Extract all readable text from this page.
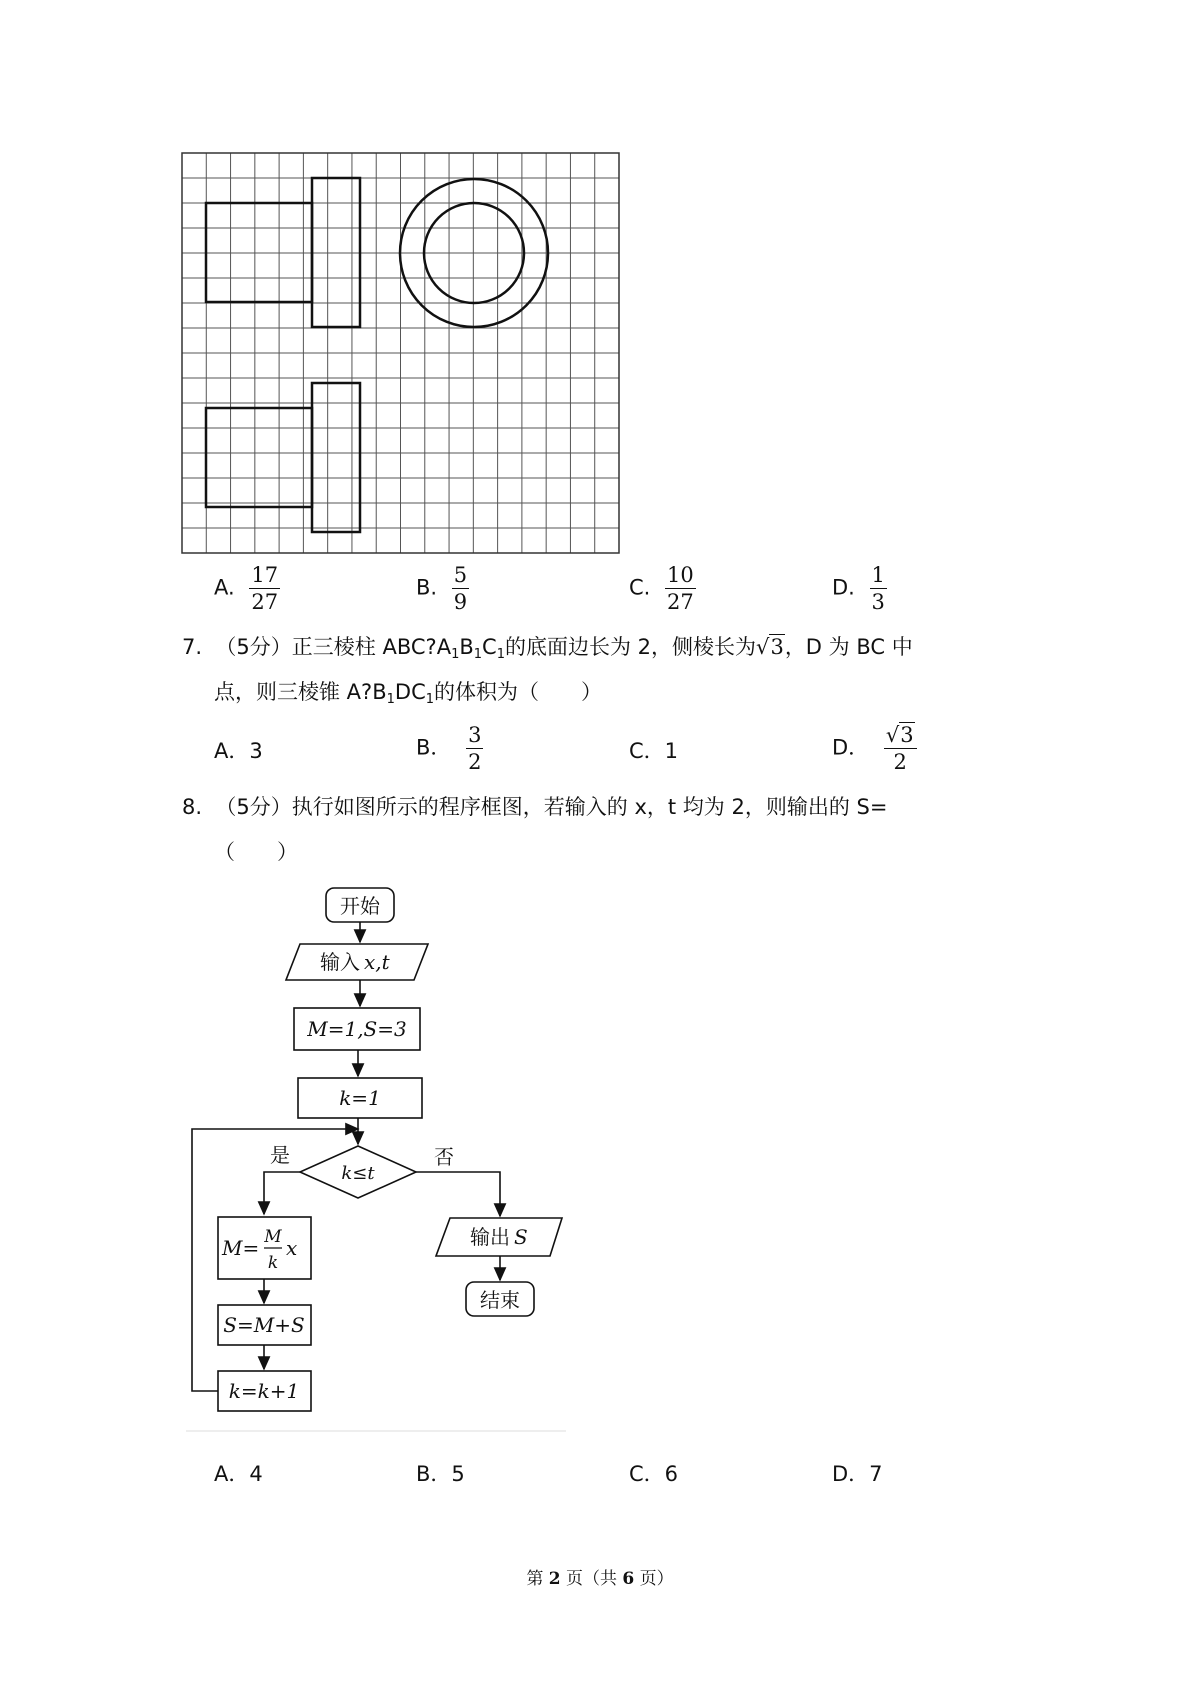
A. $\frac{17}{27}$	B. $\frac{5}{9}$	C. $\frac{10}{27}$	D. $\frac{1}{3}$
7. （5分）正三棱柱 $ABC?A_1B_1C_1$的底面边长为 2，侧棱长为√3，D 为 BC 中
点，则三棱锥 $A?B_1DC_1$的体积为（　　）
A．3	B． $\frac{3}{2}$	C．1	D． $\frac{√3}{2}$
8. （5分）执行如图所示的程序框图，若输入的 x，t 均为 2，则输出的 S=
（　　）
开始
输入 x,t
M=1,S=3
k=1
k≤t
是	否
M= M
k
x
S=M+S
k=k+1
输出 S
结束
A．4	B．5	C．6	D．7
第 2 页（共 6 页）
